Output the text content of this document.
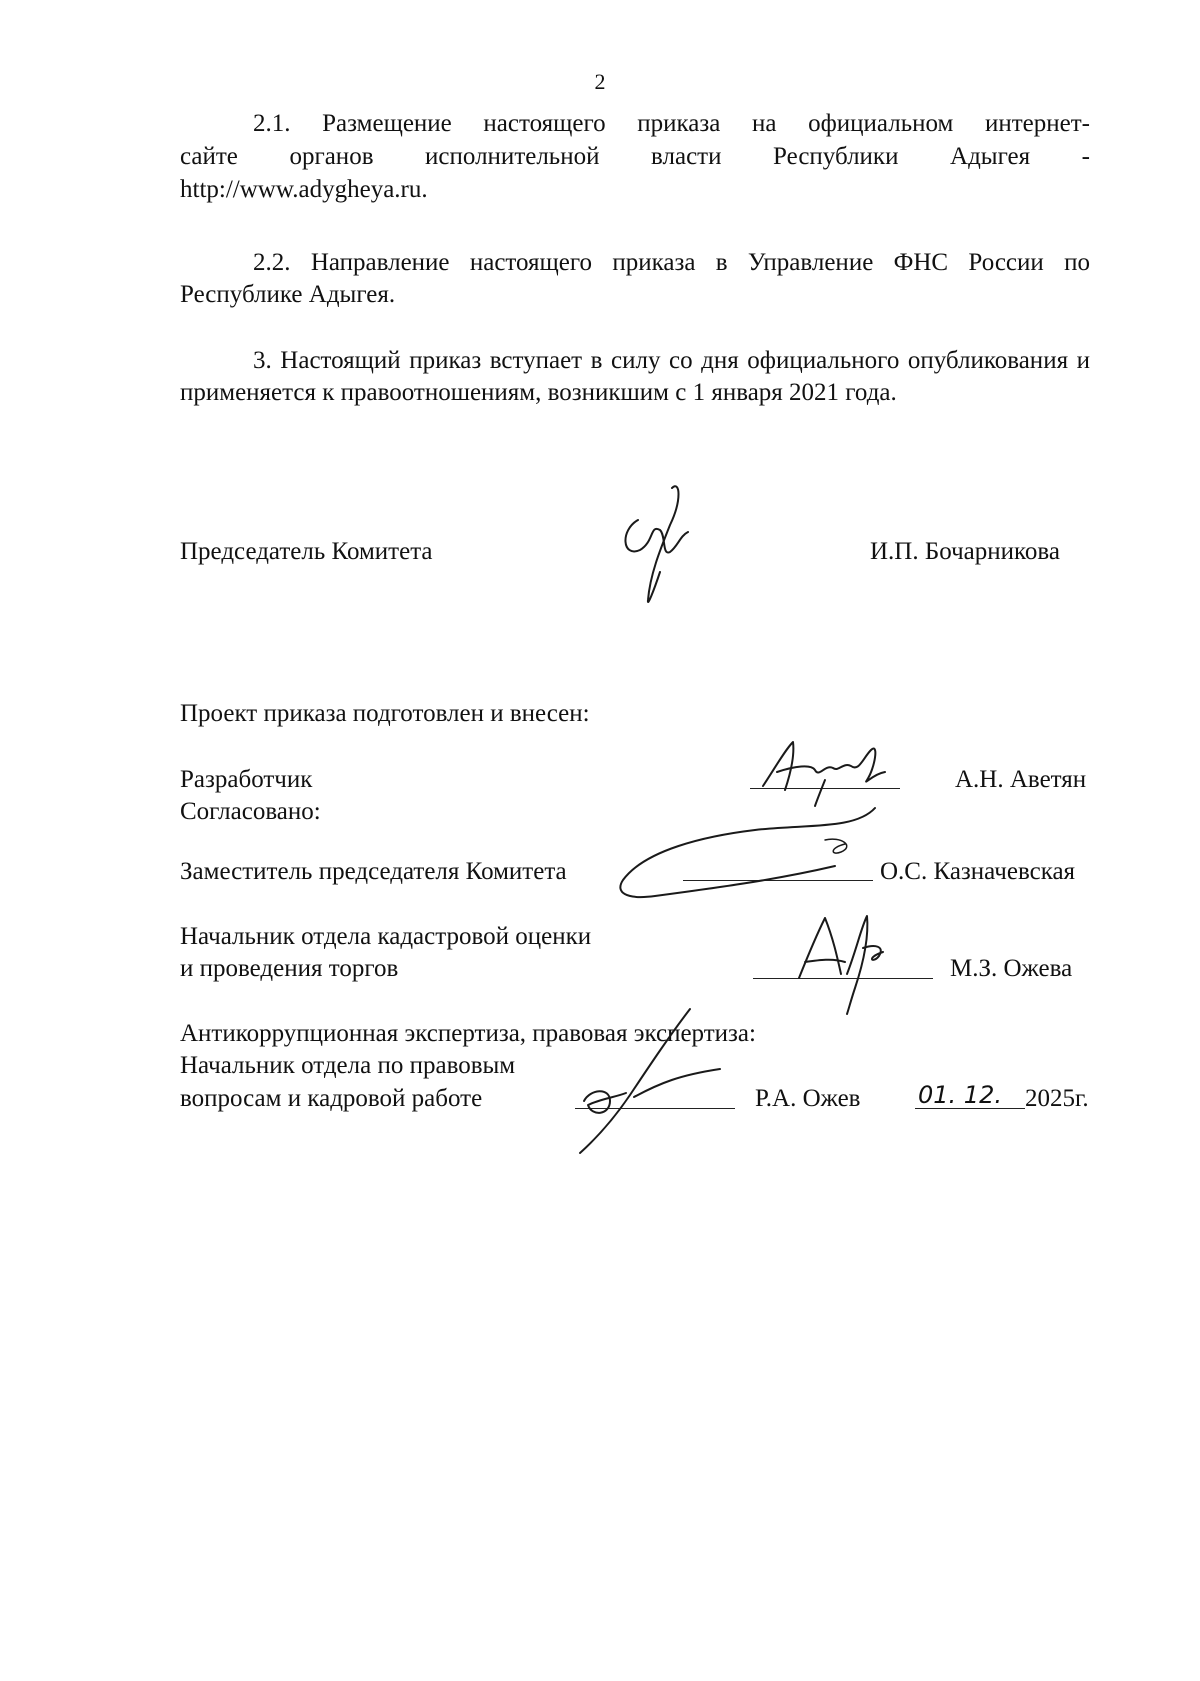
2
2.1. Размещение настоящего приказа на официальном интернет-
сайте органов исполнительной власти Республики Адыгея -
http://www.adygheya.ru.
2.2. Направление настоящего приказа в Управление ФНС России по Республике Адыгея.
3. Настоящий приказ вступает в силу со дня официального опубликования и применяется к правоотношениям, возникшим с 1 января 2021 года.
Председатель Комитета	И.П. Бочарникова
Проект приказа подготовлен и внесен:
Разработчик	А.Н. Аветян
Согласовано:
Заместитель председателя Комитета	О.С. Казначевская
Начальник отдела кадастровой оценки
и проведения торгов	М.З. Ожева
Антикоррупционная экспертиза, правовая экспертиза:
Начальник отдела по правовым
вопросам и кадровой работе	Р.А. Ожев 01. 12. 2025г.
